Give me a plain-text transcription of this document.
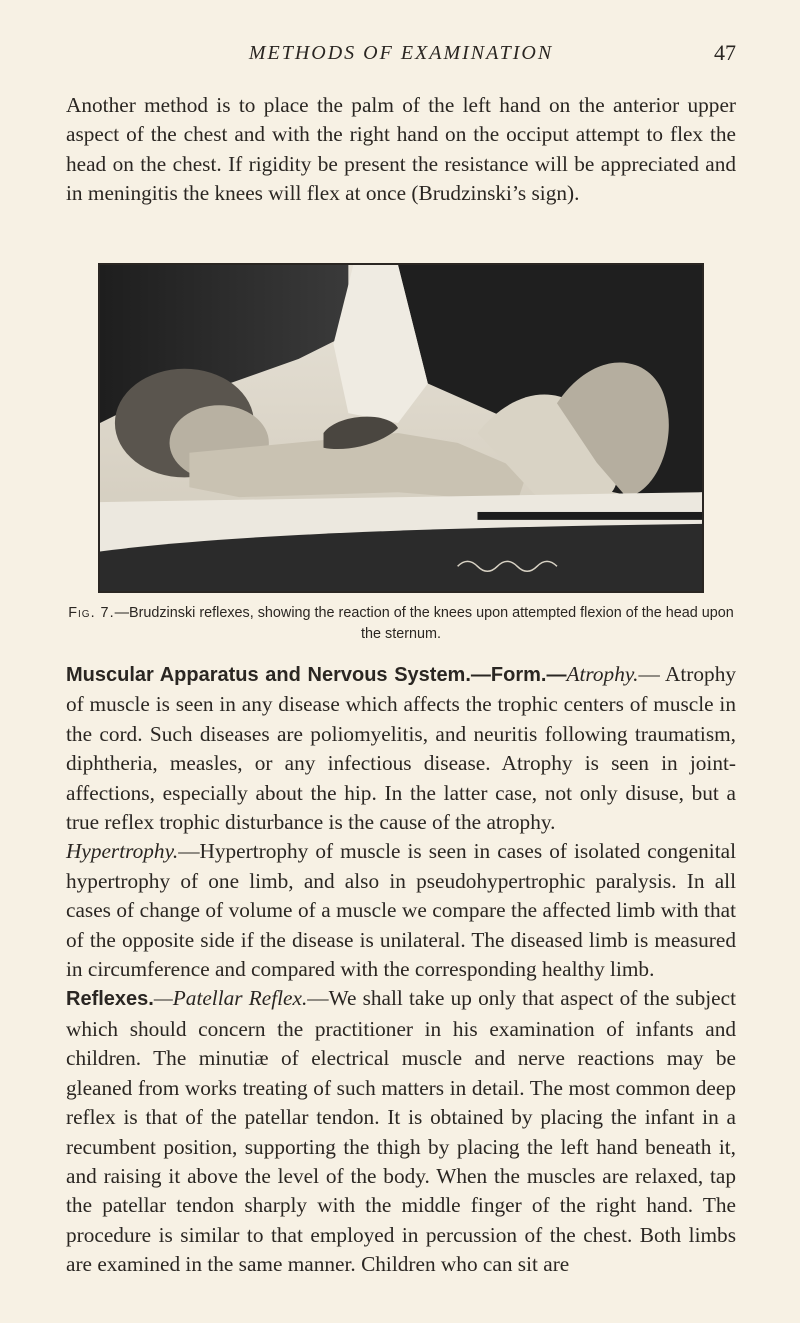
METHODS OF EXAMINATION	47

Another method is to place the palm of the left hand on the anterior upper aspect of the chest and with the right hand on the occiput attempt to flex the head on the chest. If rigidity be present the resistance will be appreciated and in meningitis the knees will flex at once (Brudzinski’s sign).

Fig. 7.—Brudzinski reflexes, showing the reaction of the knees upon attempted flexion of the head upon the sternum.

Muscular Apparatus and Nervous System.—Form.—Atrophy.— Atrophy of muscle is seen in any disease which affects the trophic centers of muscle in the cord. Such diseases are poliomyelitis, and neuritis following traumatism, diphtheria, measles, or any infectious disease. Atrophy is seen in joint-affections, especially about the hip. In the latter case, not only disuse, but a true reflex trophic disturbance is the cause of the atrophy.
Hypertrophy.—Hypertrophy of muscle is seen in cases of isolated congenital hypertrophy of one limb, and also in pseudohypertrophic paralysis. In all cases of change of volume of a muscle we compare the affected limb with that of the opposite side if the disease is unilateral. The diseased limb is measured in circumference and compared with the corresponding healthy limb.
Reflexes.—Patellar Reflex.—We shall take up only that aspect of the subject which should concern the practitioner in his examination of infants and children. The minutiæ of electrical muscle and nerve reactions may be gleaned from works treating of such matters in detail. The most common deep reflex is that of the patellar tendon. It is obtained by placing the infant in a recumbent position, supporting the thigh by placing the left hand beneath it, and raising it above the level of the body. When the muscles are relaxed, tap the patellar tendon sharply with the middle finger of the right hand. The procedure is similar to that employed in percussion of the chest. Both limbs are examined in the same manner. Children who can sit are
